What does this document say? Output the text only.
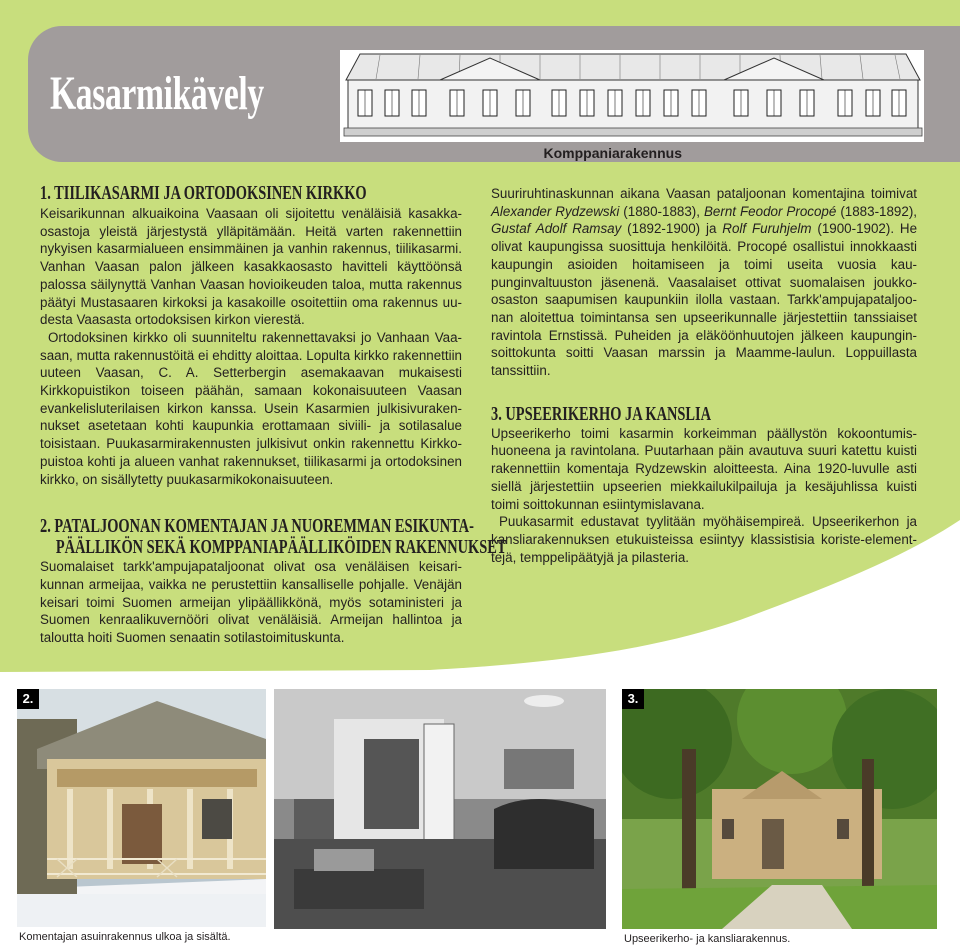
Kasarmikävely
Komppaniarakennus
1. TIILIKASARMI JA ORTODOKSINEN KIRKKO

Keisarikunnan alkuaikoina Vaasaan oli sijoitettu venäläisiä kasakkaosastoja yleistä järjestystä ylläpitämään. Heitä varten rakennettiin nykyisen kasarmialueen ensimmäinen ja vanhin rakennus, tiilikasarmi. Vanhan Vaasan palon jälkeen kasakkaosasto havitteli käyttöönsä palossa säilynyttä Vanhan Vaasan hovioikeuden taloa, mutta rakennus päätyi Mustasaaren kirkoksi ja kasakoille osoitettiin oma rakennus uudesta Vaasasta ortodoksisen kirkon vierestä.

Ortodoksinen kirkko oli suunniteltu rakennettavaksi jo Vanhaan Vaasaan, mutta rakennustöitä ei ehditty aloittaa. Lopulta kirkko rakennettiin uuteen Vaasan, C. A. Setterbergin asemakaavan mukaisesti Kirkkopuistikon toiseen päähän, samaan kokonaisuuteen Vaasan evankelisluterilaisen kirkon kanssa. Usein Kasarmien julkisivurakennukset asetetaan kohti kaupunkia erottamaan siviili- ja sotilasalue toisistaan. Puukasarmirakennusten julkisivut onkin rakennettu Kirkkopuistoa kohti ja alueen vanhat rakennukset, tiilikasarmi ja ortodoksinen kirkko, on sisällytetty puukasarmikokonaisuuteen.

2. PATALJOONAN KOMENTAJAN JA NUOREMMAN ESIKUNTA-
PÄÄLLIKÖN SEKÄ KOMPPANIAPÄÄLLIKÖIDEN RAKENNUKSET

Suomalaiset tarkk'ampujapataljoonat olivat osa venäläisen keisarikunnan armeijaa, vaikka ne perustettiin kansalliselle pohjalle. Venäjän keisari toimi Suomen armeijan ylipäällikkönä, myös sotaministeri ja Suomen kenraalikuvernööri olivat venäläisiä. Armeijan hallintoa ja taloutta hoiti Suomen senaatin sotilastoimituskunta.

Suuriruhtinaskunnan aikana Vaasan pataljoonan komentajina toimivat Alexander Rydzewski (1880-1883), Bernt Feodor Procopé (1883-1892), Gustaf Adolf Ramsay (1892-1900) ja Rolf Furuhjelm (1900-1902). He olivat kaupungissa suosittuja henkilöitä. Procopé osallistui innokkaasti kaupungin asioiden hoitamiseen ja toimi useita vuosia kaupunginvaltuuston jäsenenä. Vaasalaiset ottivat suomalaisen joukkoosaston saapumisen kaupunkiin ilolla vastaan. Tarkk'ampujapataljoonan aloitettua toimintansa sen upseerikunnalle järjestettiin tanssiaiset ravintola Ernstissä. Puheiden ja eläköönhuutojen jälkeen kaupunginsoittokunta soitti Vaasan marssin ja Maamme-laulun. Loppuillasta tanssittiin.

3. UPSEERIKERHO JA KANSLIA

Upseerikerho toimi kasarmin korkeimman päällystön kokoontumishuoneena ja ravintolana. Puutarhaan päin avautuva suuri katettu kuisti rakennettiin komentaja Rydzewskin aloitteesta. Aina 1920-luvulle asti siellä järjestettiin upseerien miekkailukilpailuja ja kesäjuhlissa kuisti toimi soittokunnan esiintymislavana.

Puukasarmit edustavat tyylitään myöhäisempireä. Upseerikerhon ja kansliarakennuksen etukuisteissa esiintyy klassistisia koriste-elementtejä, temppelipäätyjä ja pilasteria.

2.	3.
Komentajan asuinrakennus ulkoa ja sisältä.	Upseerikerho- ja kansliarakennus.
